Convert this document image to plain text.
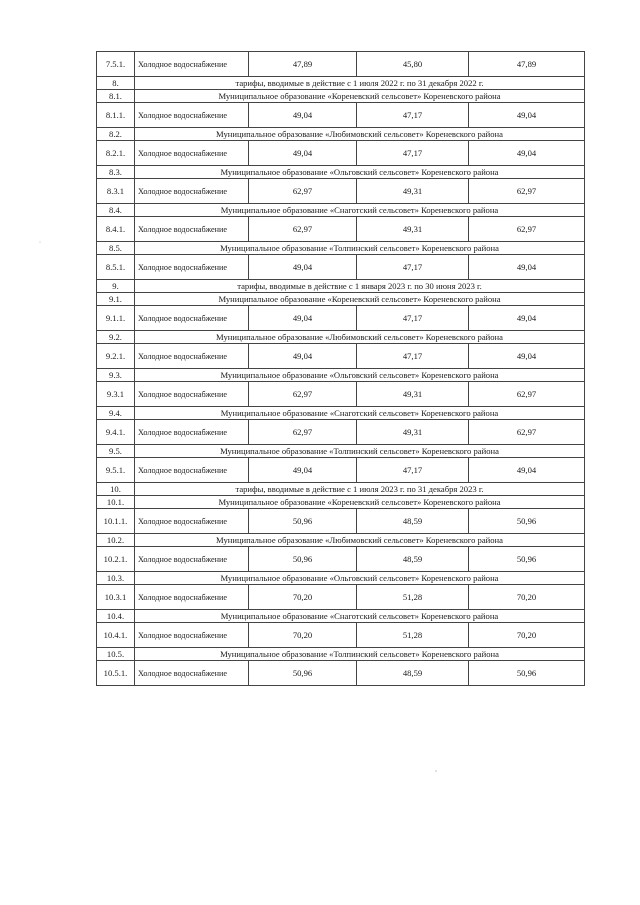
7.5.1.	Холодное водоснабжение	47,89	45,80	47,89
8.	тарифы, вводимые в действие с 1 июля 2022 г. по 31 декабря 2022 г.			
8.1.	Муниципальное образование «Кореневский сельсовет» Кореневского района			
8.1.1.	Холодное водоснабжение	49,04	47,17	49,04
8.2.	Муниципальное образование «Любимовский сельсовет» Кореневского района			
8.2.1.	Холодное водоснабжение	49,04	47,17	49,04
8.3.	Муниципальное образование «Ольговский сельсовет» Кореневского района			
8.3.1	Холодное водоснабжение	62,97	49,31	62,97
8.4.	Муниципальное образование «Снаготский сельсовет» Кореневского района			
8.4.1.	Холодное водоснабжение	62,97	49,31	62,97
8.5.	Муниципальное образование «Толпинский сельсовет» Кореневского района			
8.5.1.	Холодное водоснабжение	49,04	47,17	49,04
9.	тарифы, вводимые в действие с 1 января 2023 г. по 30 июня 2023 г.			
9.1.	Муниципальное образование «Кореневский сельсовет» Кореневского района			
9.1.1.	Холодное водоснабжение	49,04	47,17	49,04
9.2.	Муниципальное образование «Любимовский сельсовет» Кореневского района			
9.2.1.	Холодное водоснабжение	49,04	47,17	49,04
9.3.	Муниципальное образование «Ольговский сельсовет» Кореневского района			
9.3.1	Холодное водоснабжение	62,97	49,31	62,97
9.4.	Муниципальное образование «Снаготский сельсовет» Кореневского района			
9.4.1.	Холодное водоснабжение	62,97	49,31	62,97
9.5.	Муниципальное образование «Толпинский сельсовет» Кореневского района			
9.5.1.	Холодное водоснабжение	49,04	47,17	49,04
10.	тарифы, вводимые в действие с 1 июля 2023 г. по 31 декабря 2023 г.			
10.1.	Муниципальное образование «Кореневский сельсовет» Кореневского района			
10.1.1.	Холодное водоснабжение	50,96	48,59	50,96
10.2.	Муниципальное образование «Любимовский сельсовет» Кореневского района			
10.2.1.	Холодное водоснабжение	50,96	48,59	50,96
10.3.	Муниципальное образование «Ольговский сельсовет» Кореневского района			
10.3.1	Холодное водоснабжение	70,20	51,28	70,20
10.4.	Муниципальное образование «Снаготский сельсовет» Кореневского района			
10.4.1.	Холодное водоснабжение	70,20	51,28	70,20
10.5.	Муниципальное образование «Толпинский сельсовет» Кореневского района			
10.5.1.	Холодное водоснабжение	50,96	48,59	50,96
